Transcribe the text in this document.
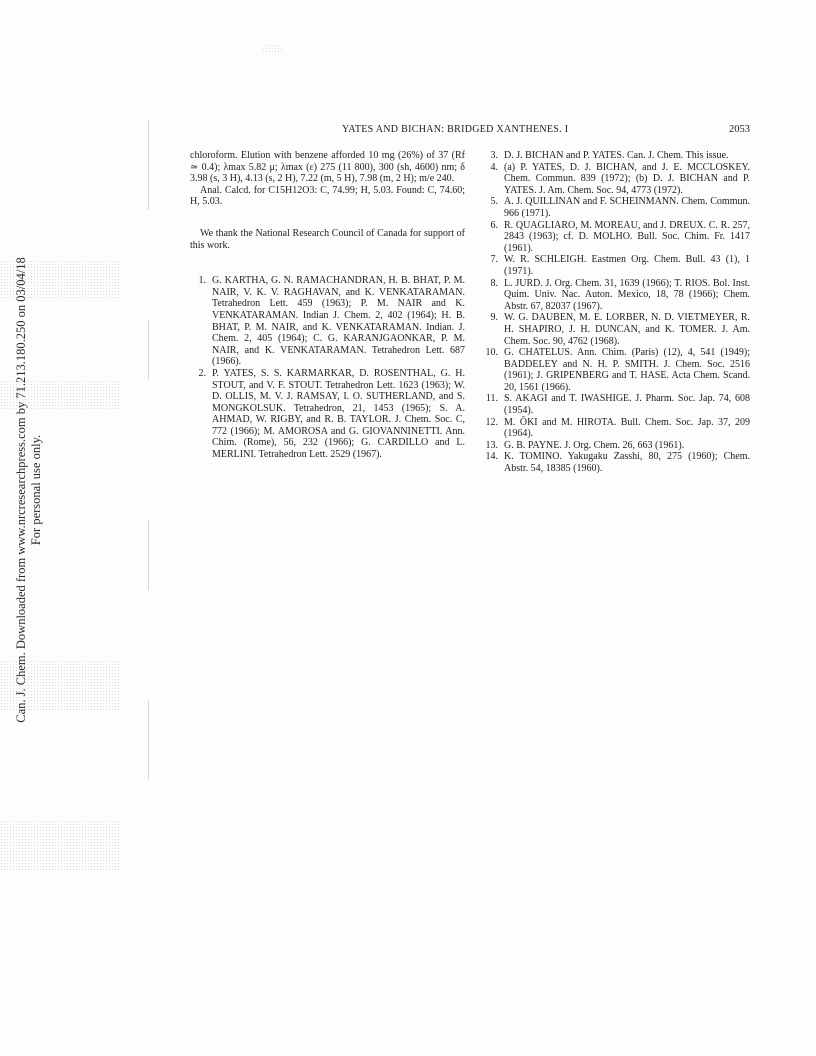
Can. J. Chem. Downloaded from www.nrcresearchpress.com by 71.213.180.250 on 03/04/18 For personal use only.
YATES AND BICHAN: BRIDGED XANTHENES. I	2053

chloroform. Elution with benzene afforded 10 mg (26%) of 37 (Rf ≃ 0.4); λmax 5.82 μ; λmax (ε) 275 (11 800), 300 (sh, 4600) nm; δ 3.98 (s, 3 H), 4.13 (s, 2 H), 7.22 (m, 5 H), 7.98 (m, 2 H); m/e 240.

Anal. Calcd. for C15H12O3: C, 74.99; H, 5.03. Found: C, 74.60; H, 5.03.

We thank the National Research Council of Canada for support of this work.

1. G. KARTHA, G. N. RAMACHANDRAN, H. B. BHAT, P. M. NAIR, V. K. V. RAGHAVAN, and K. VENKATARAMAN. Tetrahedron Lett. 459 (1963); P. M. NAIR and K. VENKATARAMAN. Indian J. Chem. 2, 402 (1964); H. B. BHAT, P. M. NAIR, and K. VENKATARAMAN. Indian. J. Chem. 2, 405 (1964); C. G. KARANJGAONKAR, P. M. NAIR, and K. VENKATARAMAN. Tetrahedron Lett. 687 (1966).
2. P. YATES, S. S. KARMARKAR, D. ROSENTHAL, G. H. STOUT, and V. F. STOUT. Tetrahedron Lett. 1623 (1963); W. D. OLLIS, M. V. J. RAMSAY, I. O. SUTHERLAND, and S. MONGKOLSUK. Tetrahedron, 21, 1453 (1965); S. A. AHMAD, W. RIGBY, and R. B. TAYLOR. J. Chem. Soc. C, 772 (1966); M. AMOROSA and G. GIOVANNINETTI. Ann. Chim. (Rome), 56, 232 (1966); G. CARDILLO and L. MERLINI. Tetrahedron Lett. 2529 (1967).
3. D. J. BICHAN and P. YATES. Can. J. Chem. This issue.
4. (a) P. YATES, D. J. BICHAN, and J. E. MCCLOSKEY. Chem. Commun. 839 (1972); (b) D. J. BICHAN and P. YATES. J. Am. Chem. Soc. 94, 4773 (1972).
5. A. J. QUILLINAN and F. SCHEINMANN. Chem. Commun. 966 (1971).
6. R. QUAGLIARO, M. MOREAU, and J. DREUX. C. R. 257, 2843 (1963); cf. D. MOLHO. Bull. Soc. Chim. Fr. 1417 (1961).
7. W. R. SCHLEIGH. Eastmen Org. Chem. Bull. 43 (1), 1 (1971).
8. L. JURD. J. Org. Chem. 31, 1639 (1966); T. RIOS. Bol. Inst. Quim. Univ. Nac. Auton. Mexico, 18, 78 (1966); Chem. Abstr. 67, 82037 (1967).
9. W. G. DAUBEN, M. E. LORBER, N. D. VIETMEYER, R. H. SHAPIRO, J. H. DUNCAN, and K. TOMER. J. Am. Chem. Soc. 90, 4762 (1968).
10. G. CHATELUS. Ann. Chim. (Paris) (12), 4, 541 (1949); BADDELEY and N. H. P. SMITH. J. Chem. Soc. 2516 (1961); J. GRIPENBERG and T. HASE. Acta Chem. Scand. 20, 1561 (1966).
11. S. AKAGI and T. IWASHIGE. J. Pharm. Soc. Jap. 74, 608 (1954).
12. M. ŌKI and M. HIROTA. Bull. Chem. Soc. Jap. 37, 209 (1964).
13. G. B. PAYNE. J. Org. Chem. 26, 663 (1961).
14. K. TOMINO. Yakugaku Zasshi, 80, 275 (1960); Chem. Abstr. 54, 18385 (1960).
